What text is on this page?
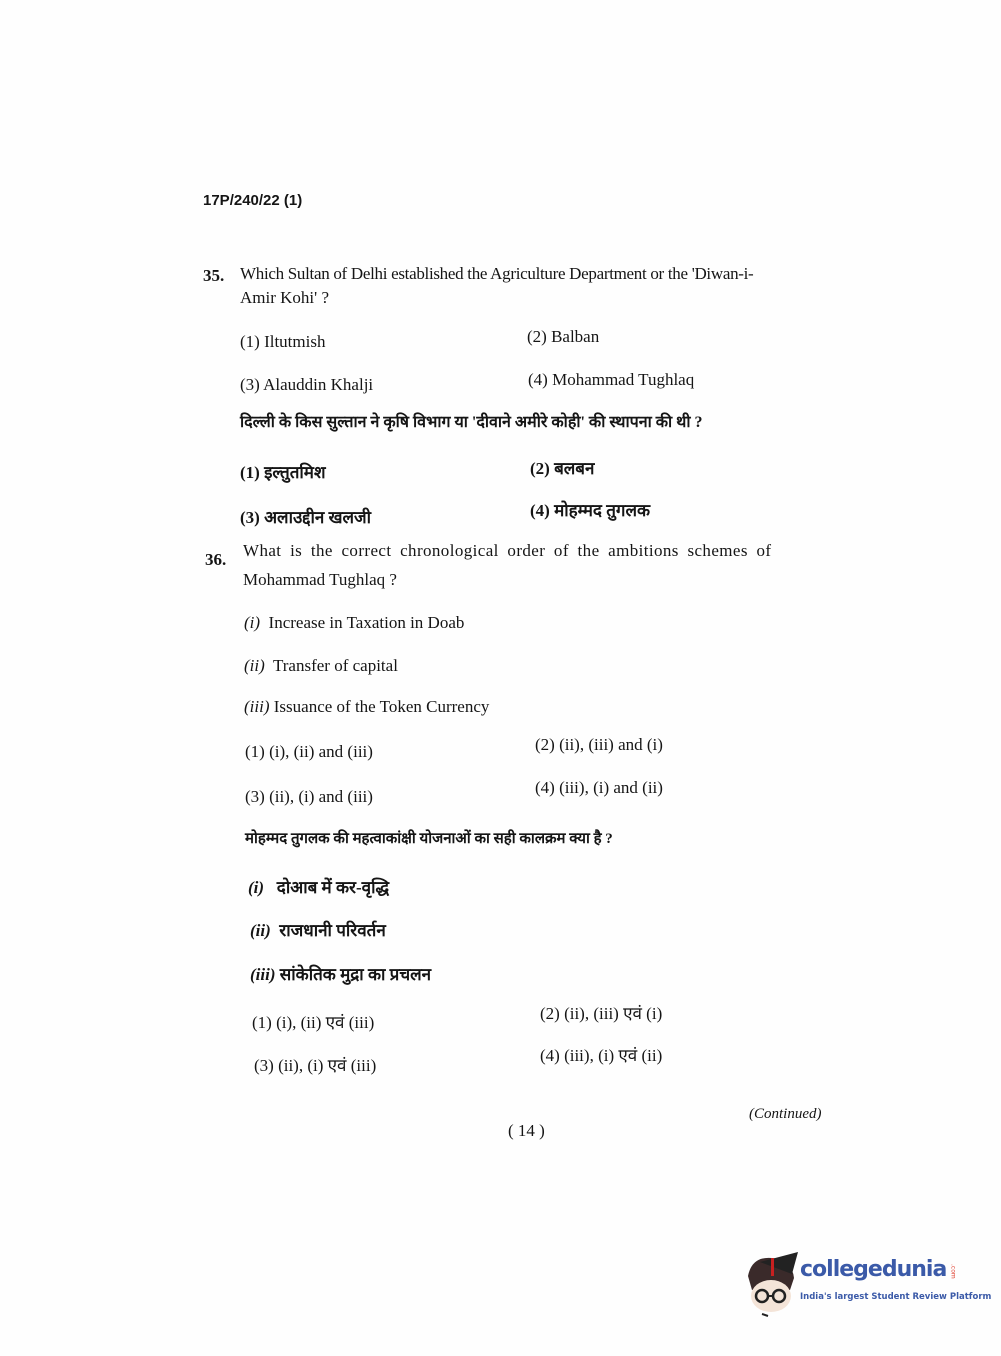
17P/240/22 (1)
35. Which Sultan of Delhi established the Agriculture Department or the 'Diwan-i-
Amir Kohi' ?
(1) Iltutmish	(2) Balban
(3) Alauddin Khalji	(4) Mohammad Tughlaq
दिल्ली के किस सुल्तान ने कृषि विभाग या 'दीवाने अमीरे कोही' की स्थापना की थी ?
(1) इल्तुतमिश	(2) बलबन
(3) अलाउद्दीन खलजी	(4) मोहम्मद तुगलक
36. What is the correct chronological order of the ambitions schemes of
Mohammad Tughlaq ?
(i) Increase in Taxation in Doab
(ii) Transfer of capital
(iii) Issuance of the Token Currency
(1) (i), (ii) and (iii)	(2) (ii), (iii) and (i)
(3) (ii), (i) and (iii)	(4) (iii), (i) and (ii)
मोहम्मद तुगलक की महत्वाकांक्षी योजनाओं का सही कालक्रम क्या है ?
(i) दोआब में कर-वृद्धि
(ii) राजधानी परिवर्तन
(iii) सांकेतिक मुद्रा का प्रचलन
(1) (i), (ii) एवं (iii)	(2) (ii), (iii) एवं (i)
(3) (ii), (i) एवं (iii)
(4) (iii), (i) एवं (ii)
( 14 )
(Continued)
collegedunia .com
India's largest Student Review Platform
